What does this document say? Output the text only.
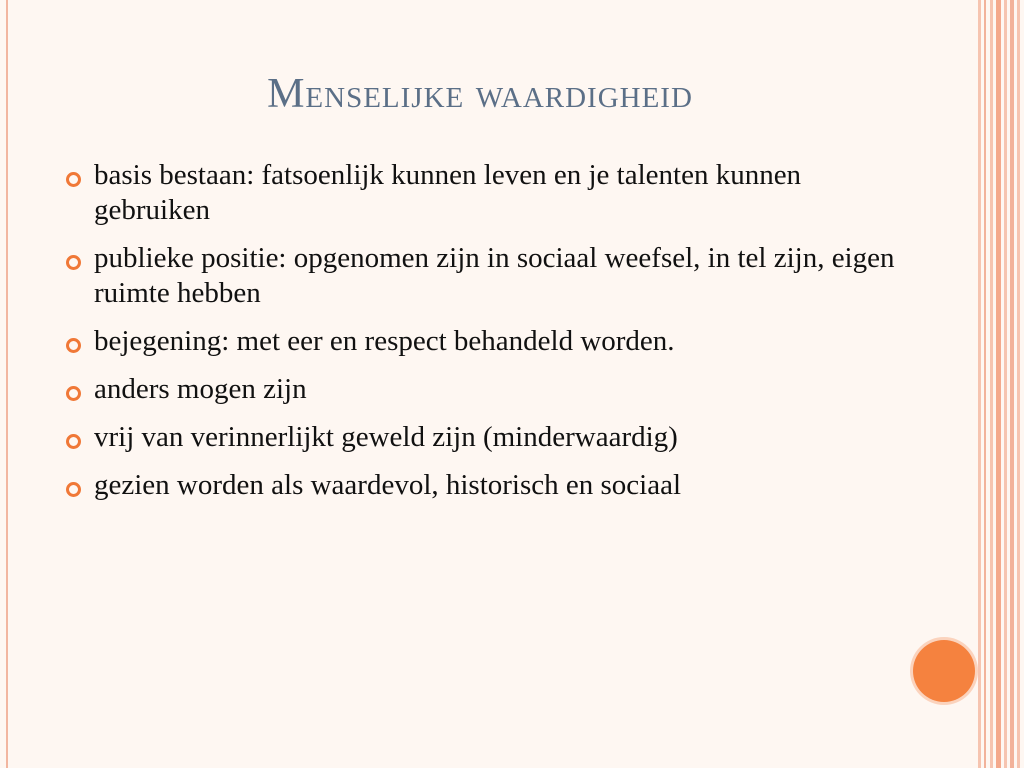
Menselijke waardigheid
basis bestaan: fatsoenlijk kunnen leven en je talenten kunnen gebruiken
publieke positie: opgenomen zijn in sociaal weefsel, in tel zijn, eigen ruimte hebben
bejegening: met eer en respect behandeld worden.
anders mogen zijn
vrij van verinnerlijkt geweld zijn (minderwaardig)
gezien worden als waardevol, historisch en sociaal
